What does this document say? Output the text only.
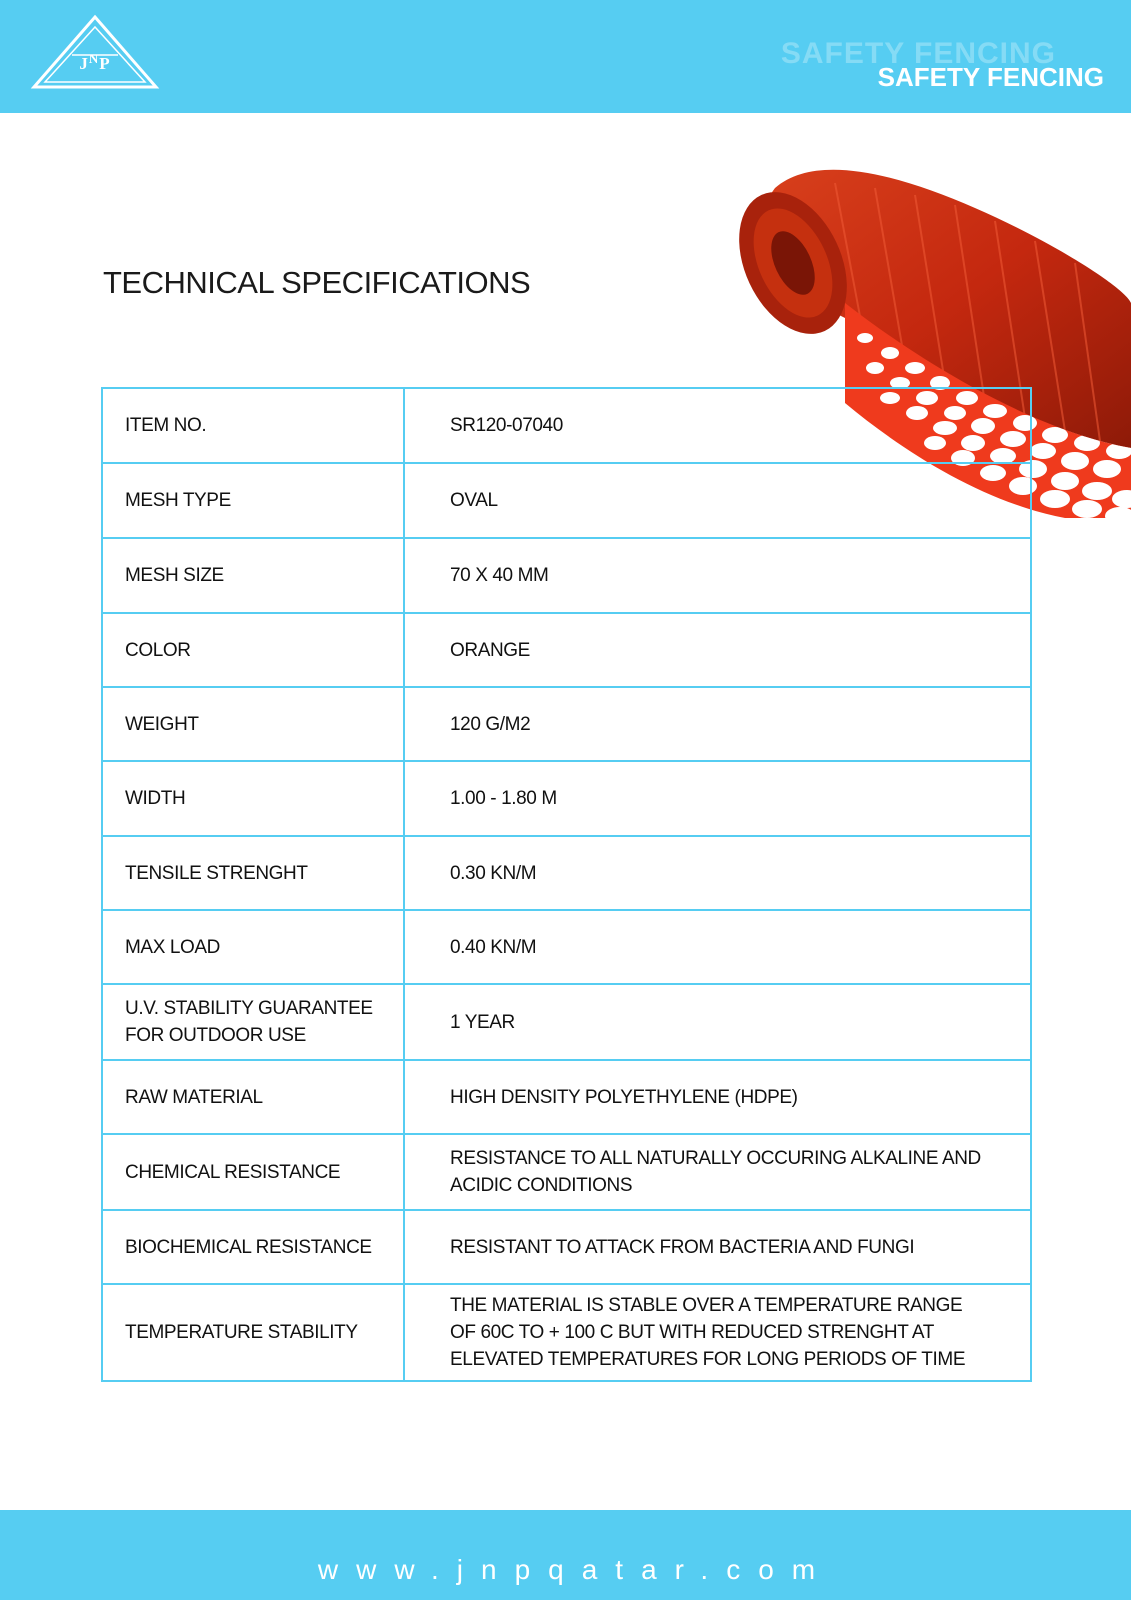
$J^NP$	SAFETY FENCING
SAFETY FENCING
TECHNICAL SPECIFICATIONS
ITEM NO.	SR120-07040
MESH TYPE	OVAL
MESH SIZE	70 X 40 MM
COLOR	ORANGE
WEIGHT	120 G/M2
WIDTH	1.00 - 1.80 M
TENSILE STRENGHT	0.30 KN/M
MAX LOAD	0.40 KN/M
U.V. STABILITY GUARANTEE
FOR OUTDOOR USE	1 YEAR
RAW MATERIAL	HIGH DENSITY POLYETHYLENE (HDPE)
CHEMICAL RESISTANCE	RESISTANCE TO ALL NATURALLY OCCURING ALKALINE AND
ACIDIC CONDITIONS
BIOCHEMICAL RESISTANCE	RESISTANT TO ATTACK FROM BACTERIA AND FUNGI
TEMPERATURE STABILITY	THE MATERIAL IS STABLE OVER A TEMPERATURE RANGE
OF 60C TO + 100 C BUT WITH REDUCED STRENGHT AT
ELEVATED TEMPERATURES FOR LONG PERIODS OF TIME
www.jnpqatar.com
